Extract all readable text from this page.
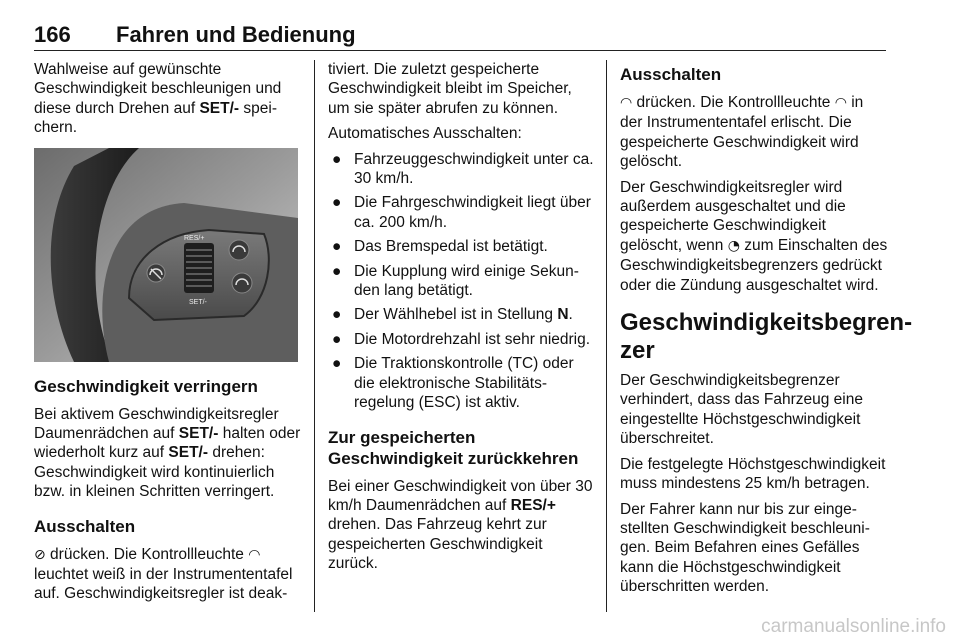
166 Fahren und Bedienung

Wahlweise auf gewünschte Geschwindigkeit beschleunigen und diese durch Drehen auf SET/- speichern.

RES/+
SET/-
Geschwindigkeit verringern

Bei aktivem Geschwindigkeitsregler Daumenrädchen auf SET/- halten oder wiederholt kurz auf SET/- drehen: Geschwindigkeit wird kontinuierlich bzw. in kleinen Schritten verringert.

Ausschalten

⊘ drücken. Die Kontrollleuchte ◠ leuchtet weiß in der Instrumententafel auf. Geschwindigkeitsregler ist deak-

tiviert. Die zuletzt gespeicherte Geschwindigkeit bleibt im Speicher, um sie später abrufen zu können.

Automatisches Ausschalten:

● Fahrzeuggeschwindigkeit unter ca. 30 km/h.
● Die Fahrgeschwindigkeit liegt über ca. 200 km/h.
● Das Bremspedal ist betätigt.
● Die Kupplung wird einige Sekunden lang betätigt.
● Der Wählhebel ist in Stellung N.
● Die Motordrehzahl ist sehr niedrig.
● Die Traktionskontrolle (TC) oder die elektronische Stabilitätsregelung (ESC) ist aktiv.
Zur gespeicherten Geschwindigkeit zurückkehren

Bei einer Geschwindigkeit von über 30 km/h Daumenrädchen auf RES/+ drehen. Das Fahrzeug kehrt zur gespeicherten Geschwindigkeit zurück.

Ausschalten

◠ drücken. Die Kontrollleuchte ◠ in der Instrumententafel erlischt. Die gespeicherte Geschwindigkeit wird gelöscht.

Der Geschwindigkeitsregler wird außerdem ausgeschaltet und die gespeicherte Geschwindigkeit gelöscht, wenn ◔ zum Einschalten des Geschwindigkeitsbegrenzers gedrückt oder die Zündung ausgeschaltet wird.

Geschwindigkeitsbegrenzer

Der Geschwindigkeitsbegrenzer verhindert, dass das Fahrzeug eine eingestellte Höchstgeschwindigkeit überschreitet.

Die festgelegte Höchstgeschwindigkeit muss mindestens 25 km/h betragen.

Der Fahrer kann nur bis zur eingestellten Geschwindigkeit beschleunigen. Beim Befahren eines Gefälles kann die Höchstgeschwindigkeit überschritten werden.

carmanualsonline.info
